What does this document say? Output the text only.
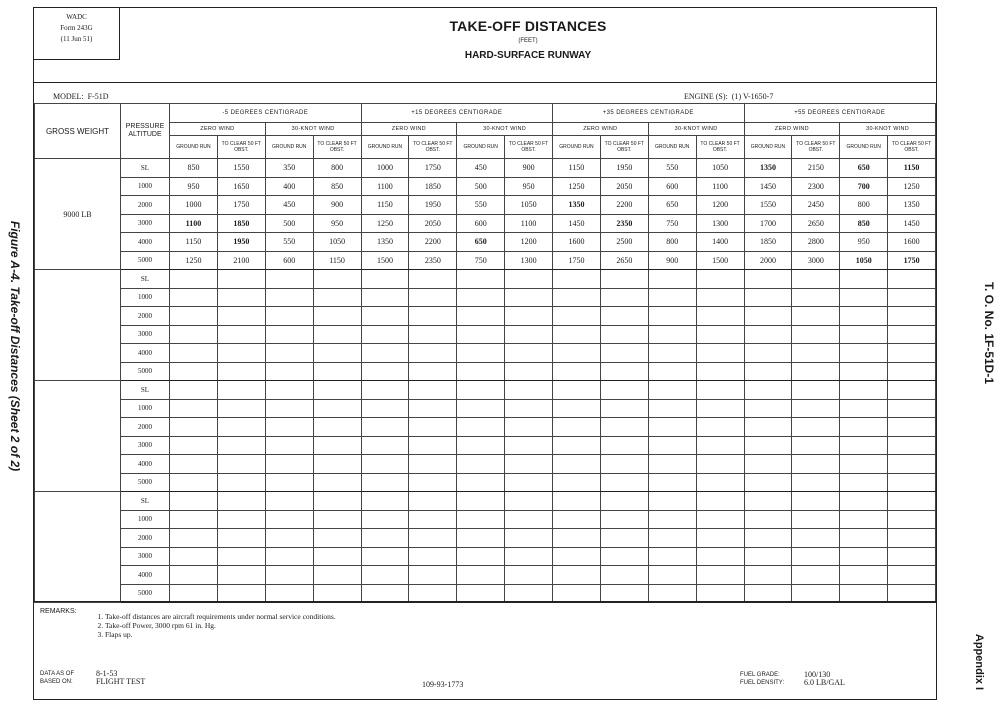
Figure A-4. Take-off Distances (Sheet 2 of 2)	T. O. No. 1F-51D-1
Appendix I
WADC
Form 243G
(11 Jun 51)
TAKE-OFF DISTANCES
(FEET)
HARD-SURFACE RUNWAY
MODEL: F-51D	ENGINE (S): (1) V-1650-7
GROSS WEIGHT	PRESSURE ALTITUDE	-5 DEGREES CENTIGRADE				+15 DEGREES CENTIGRADE				+35 DEGREES CENTIGRADE				+55 DEGREES CENTIGRADE			
		ZERO WIND		30-KNOT WIND		ZERO WIND		30-KNOT WIND		ZERO WIND		30-KNOT WIND		ZERO WIND		30-KNOT WIND	
		GROUND RUN	TO CLEAR 50 FT OBST.	GROUND RUN	TO CLEAR 50 FT OBST.	GROUND RUN	TO CLEAR 50 FT OBST.	GROUND RUN	TO CLEAR 50 FT OBST.	GROUND RUN	TO CLEAR 50 FT OBST.	GROUND RUN	TO CLEAR 50 FT OBST.	GROUND RUN	TO CLEAR 50 FT OBST.	GROUND RUN	TO CLEAR 50 FT OBST.
9000 LB	SL	850	1550	350	800	1000	1750	450	900	1150	1950	550	1050	1350	2150	650	1150
	1000	950	1650	400	850	1100	1850	500	950	1250	2050	600	1100	1450	2300	700	1250
	2000	1000	1750	450	900	1150	1950	550	1050	1350	2200	650	1200	1550	2450	800	1350
	3000	1100	1850	500	950	1250	2050	600	1100	1450	2350	750	1300	1700	2650	850	1450
	4000	1150	1950	550	1050	1350	2200	650	1200	1600	2500	800	1400	1850	2800	950	1600
	5000	1250	2100	600	1150	1500	2350	750	1300	1750	2650	900	1500	2000	3000	1050	1750
	SL																
	1000																
	2000																
	3000																
	4000																
	5000																
	SL																
	1000																
	2000																
	3000																
	4000																
	5000																
	SL																
	1000																
	2000																
	3000																
	4000																
	5000																
REMARKS:
1. Take-off distances are aircraft requirements under normal service conditions.
2. Take-off Power, 3000 rpm 61 in. Hg.
3. Flaps up.
DATA AS OF
BASED ON:
8-1-53
FLIGHT TEST	109-93-1773
FUEL GRADE:
FUEL DENSITY:
100/130
6.0 LB/GAL
